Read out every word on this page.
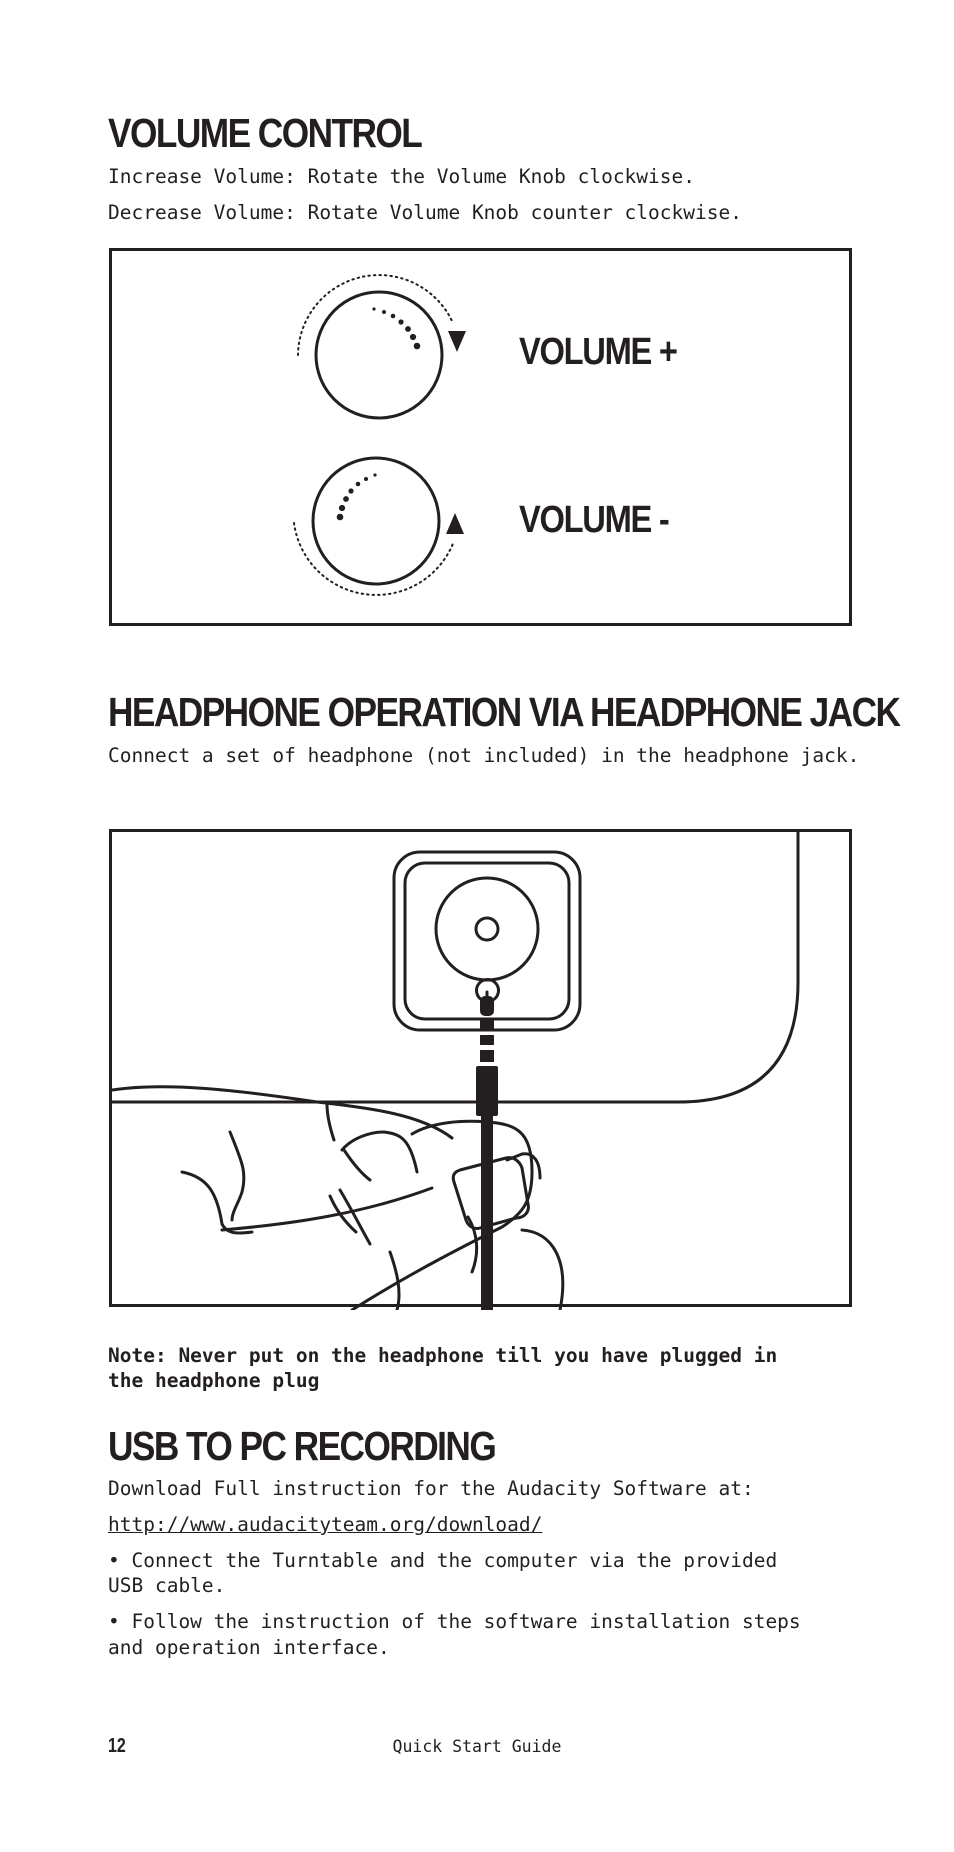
VOLUME CONTROL

Increase Volume: Rotate the Volume Knob clockwise.

Decrease Volume: Rotate Volume Knob counter clockwise.

VOLUME +
VOLUME -
HEADPHONE OPERATION VIA HEADPHONE JACK

Connect a set of headphone (not included) in the headphone jack.

Note: Never put on the headphone till you have plugged in

the headphone plug

USB TO PC RECORDING

Download Full instruction for the Audacity Software at:

http://www.audacityteam.org/download/

• Connect the Turntable and the computer via the provided

USB cable.

• Follow the instruction of the software installation steps

and operation interface.

12	Quick Start Guide
